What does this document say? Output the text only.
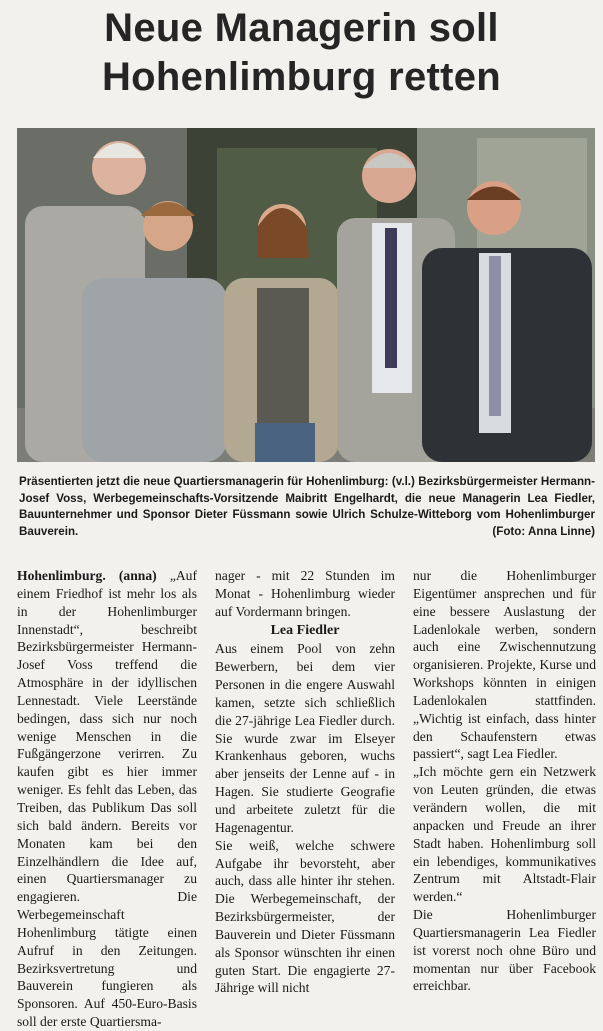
Neue Managerin soll
Hohenlimburg retten
Präsentierten jetzt die neue Quartiersmanagerin für Hohenlimburg: (v.l.) Bezirksbürgermeister Hermann-Josef Voss, Werbegemeinschafts-Vorsitzende Maibritt Engelhardt, die neue Managerin Lea Fiedler, Bauunternehmer und Sponsor Dieter Füssmann sowie Ulrich Schulze-Witteborg vom Hohenlimburger Bauverein.	(Foto: Anna Linne)

Hohenlimburg. (anna) „Auf einem Friedhof ist mehr los als in der Hohenlimburger Innenstadt“, beschreibt Bezirksbürgermeister Hermann-Josef Voss treffend die Atmosphäre in der idyllischen Lennestadt. Viele Leerstände bedingen, dass sich nur noch wenige Menschen in die Fußgängerzone verirren. Zu kaufen gibt es hier immer weniger. Es fehlt das Leben, das Treiben, das Publikum Das soll sich bald ändern. Bereits vor Monaten kam bei den Einzelhändlern die Idee auf, einen Quartiersmanager zu engagieren. Die Werbegemeinschaft Hohenlimburg tätigte einen Aufruf in den Zeitungen. Bezirksvertretung und Bauverein fungieren als Sponsoren. Auf 450-Euro-Basis soll der erste Quartiersma-

nager - mit 22 Stunden im Monat - Hohenlimburg wieder auf Vordermann bringen.

Lea Fiedler

Aus einem Pool von zehn Bewerbern, bei dem vier Personen in die engere Auswahl kamen, setzte sich schließlich die 27-jährige Lea Fiedler durch. Sie wurde zwar im Elseyer Krankenhaus geboren, wuchs aber jenseits der Lenne auf - in Hagen. Sie studierte Geografie und arbeitete zuletzt für die Hagenagentur.

Sie weiß, welche schwere Aufgabe ihr bevorsteht, aber auch, dass alle hinter ihr stehen. Die Werbegemeinschaft, der Bezirksbürgermeister, der Bauverein und Dieter Füssmann als Sponsor wünschten ihr einen guten Start. Die engagierte 27-Jährige will nicht

nur die Hohenlimburger Eigentümer ansprechen und für eine bessere Auslastung der Ladenlokale werben, sondern auch eine Zwischennutzung organisieren. Projekte, Kurse und Workshops könnten in einigen Ladenlokalen stattfinden. „Wichtig ist einfach, dass hinter den Schaufenstern etwas passiert“, sagt Lea Fiedler.

„Ich möchte gern ein Netzwerk von Leuten gründen, die etwas verändern wollen, die mit anpacken und Freude an ihrer Stadt haben. Hohenlimburg soll ein lebendiges, kommunikatives Zentrum mit Altstadt-Flair werden.“

Die Hohenlimburger Quartiersmanagerin Lea Fiedler ist vorerst noch ohne Büro und momentan nur über Facebook erreichbar.
